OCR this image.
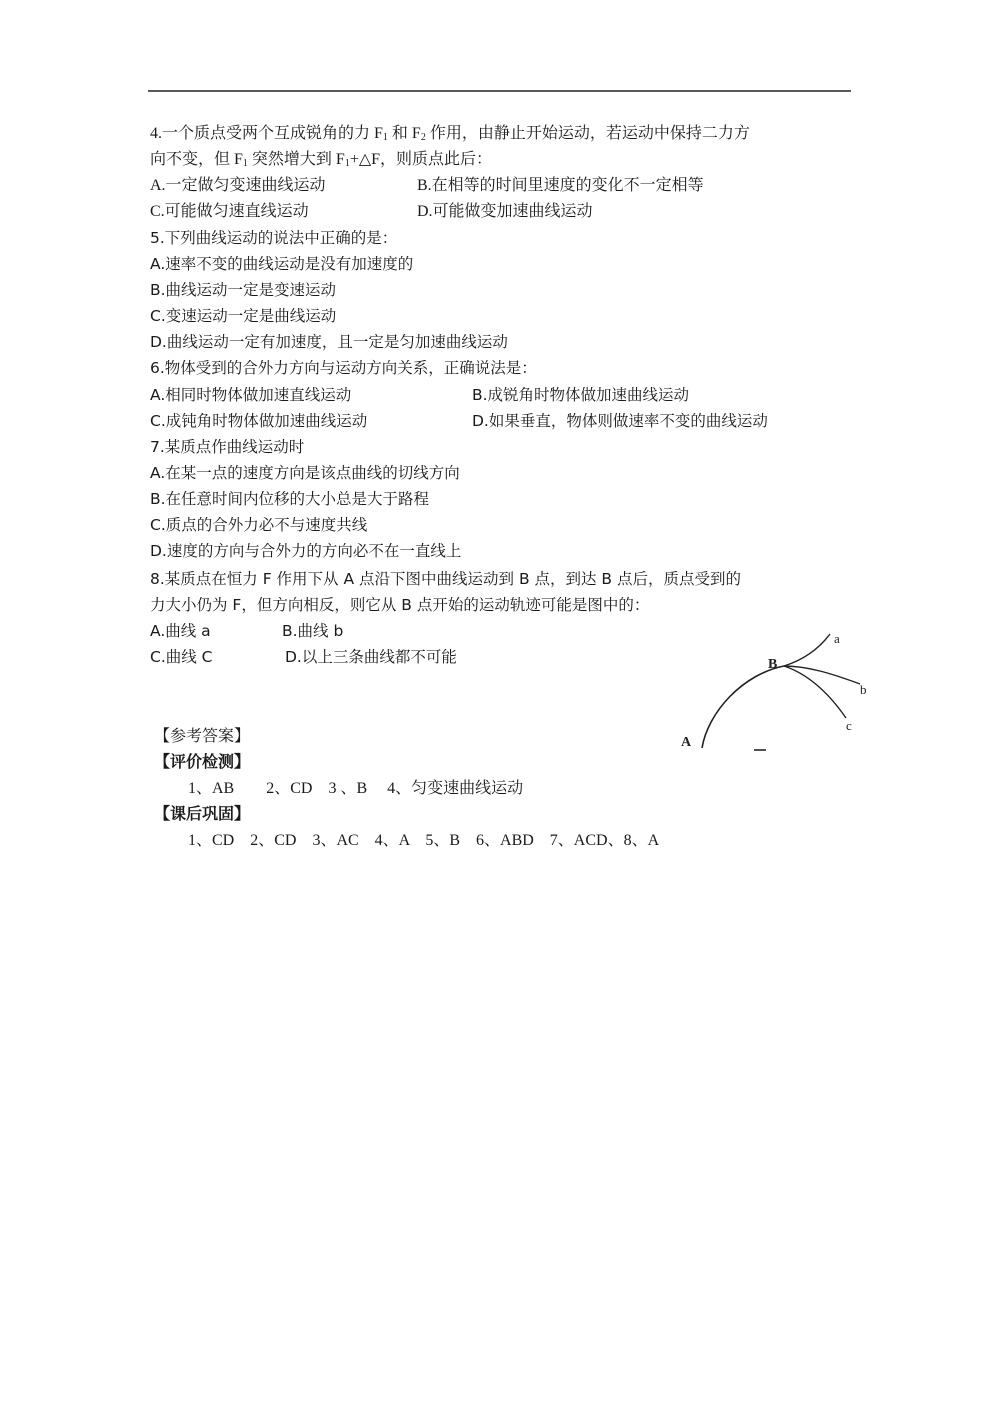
4.一个质点受两个互成锐角的力 $F_1$ 和 $F_2$ 作用，由静止开始运动，若运动中保持二力方
向不变，但 $F_1$ 突然增大到 $F_1+\triangle F$，则质点此后：
A.一定做匀变速曲线运动	B.在相等的时间里速度的变化不一定相等
C.可能做匀速直线运动	D.可能做变加速曲线运动
5.下列曲线运动的说法中正确的是：
A.速率不变的曲线运动是没有加速度的
B.曲线运动一定是变速运动
C.变速运动一定是曲线运动
D.曲线运动一定有加速度，且一定是匀加速曲线运动
6.物体受到的合外力方向与运动方向关系，正确说法是：
A.相同时物体做加速直线运动	B.成锐角时物体做加速曲线运动
C.成钝角时物体做加速曲线运动	D.如果垂直，物体则做速率不变的曲线运动
7.某质点作曲线运动时
A.在某一点的速度方向是该点曲线的切线方向
B.在任意时间内位移的大小总是大于路程
C.质点的合外力必不与速度共线
D.速度的方向与合外力的方向必不在一直线上
8.某质点在恒力 F 作用下从 A 点沿下图中曲线运动到 B 点，到达 B 点后，质点受到的
力大小仍为 F，但方向相反，则它从 B 点开始的运动轨迹可能是图中的：
A.曲线 a	B.曲线 b
C.曲线 C	D.以上三条曲线都不可能
A
B
a
b
c
【参考答案】
【评价检测】
1、AB　　2、CD　3 、B　 4、匀变速曲线运动
【课后巩固】
1、CD　2、CD　3、AC　4、A　5、B　6、ABD　7、ACD、8、A
